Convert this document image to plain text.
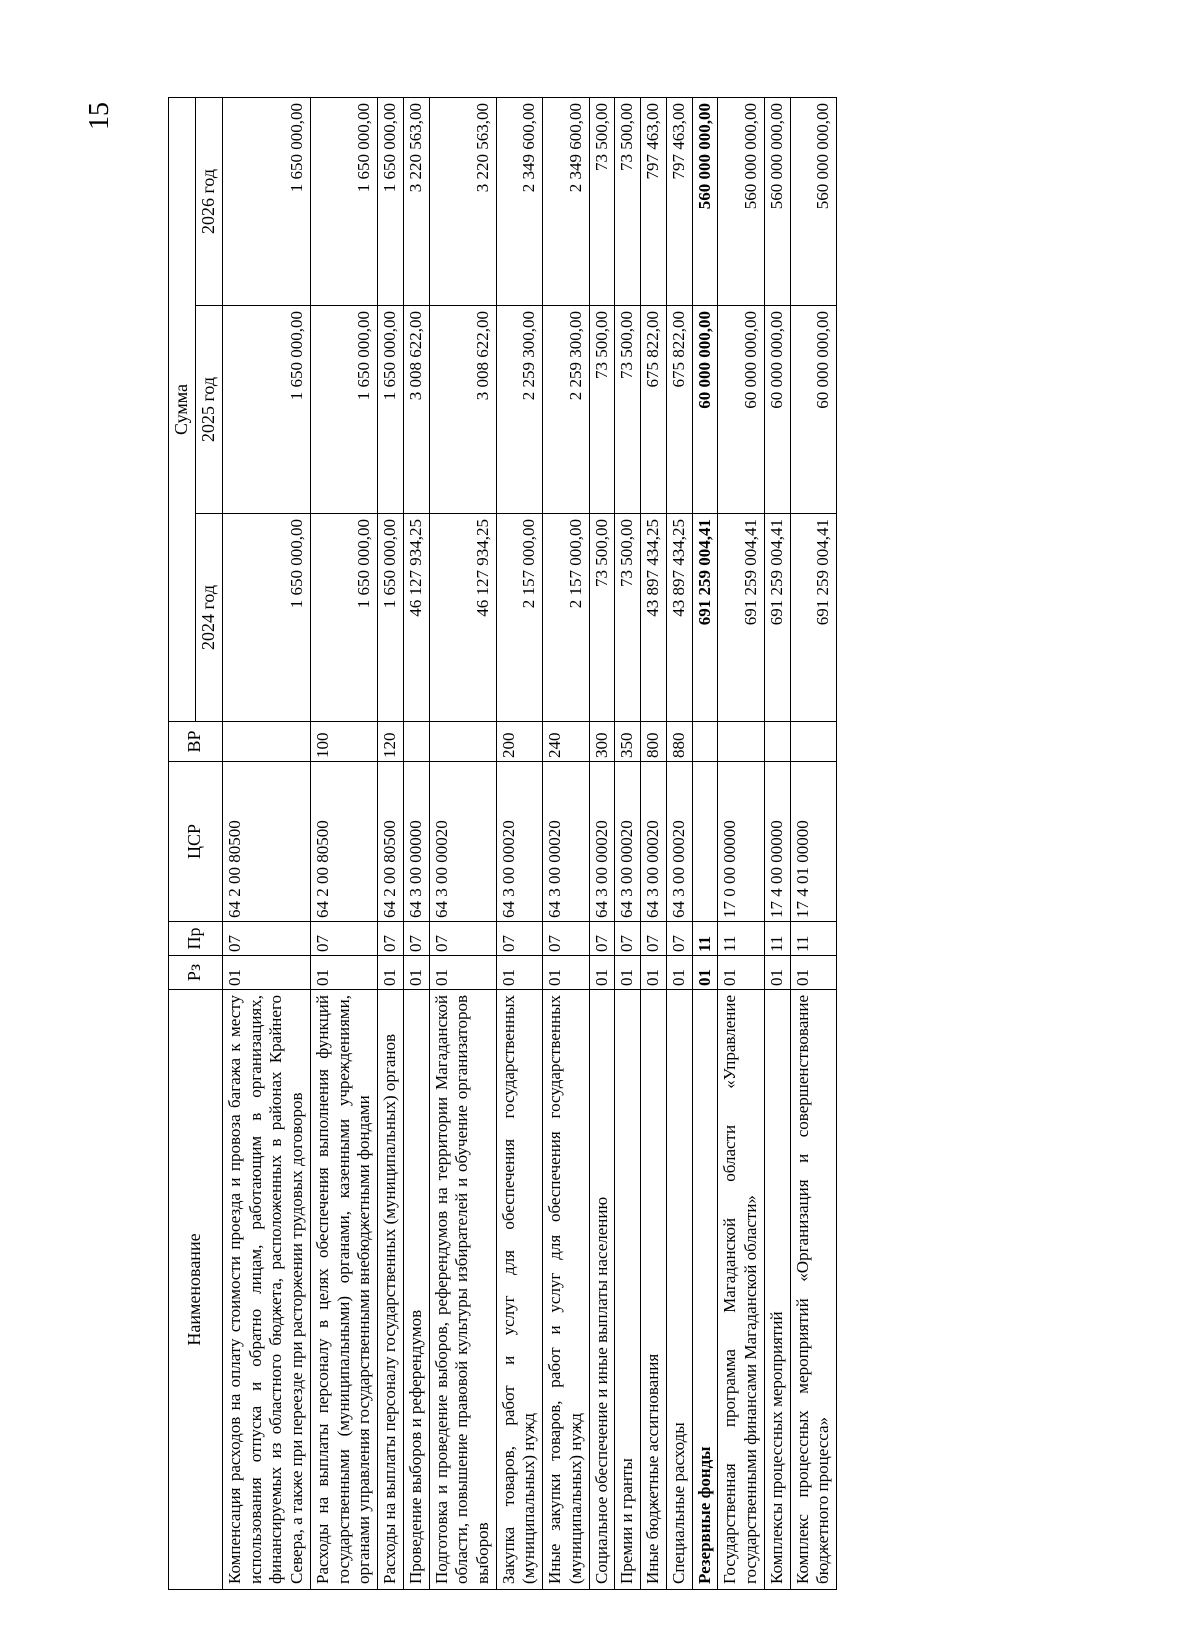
15
Наименование	Рз	Пр	ЦСР	ВР	Сумма		
					2024 год	2025 год	2026 год
Компенсация расходов на оплату стоимости проезда и провоза багажа к месту использования отпуска и обратно лицам, работающим в организациях, финансируемых из областного бюджета, расположенных в районах Крайнего Севера, а также при переезде при расторжении трудовых договоров	01	07	64 2 00 80500		1 650 000,00	1 650 000,00	1 650 000,00
Расходы на выплаты персоналу в целях обеспечения выполнения функций государственными (муниципальными) органами, казенными учреждениями, органами управления государственными внебюджетными фондами	01	07	64 2 00 80500	100	1 650 000,00	1 650 000,00	1 650 000,00
Расходы на выплаты персоналу государственных (муниципальных) органов	01	07	64 2 00 80500	120	1 650 000,00	1 650 000,00	1 650 000,00
Проведение выборов и референдумов	01	07	64 3 00 00000		46 127 934,25	3 008 622,00	3 220 563,00
Подготовка и проведение выборов, референдумов на территории Магаданской области, повышение правовой культуры избирателей и обучение организаторов выборов	01	07	64 3 00 00020		46 127 934,25	3 008 622,00	3 220 563,00
Закупка товаров, работ и услуг для обеспечения государственных (муниципальных) нужд	01	07	64 3 00 00020	200	2 157 000,00	2 259 300,00	2 349 600,00
Иные закупки товаров, работ и услуг для обеспечения государственных (муниципальных) нужд	01	07	64 3 00 00020	240	2 157 000,00	2 259 300,00	2 349 600,00
Социальное обеспечение и иные выплаты населению	01	07	64 3 00 00020	300	73 500,00	73 500,00	73 500,00
Премии и гранты	01	07	64 3 00 00020	350	73 500,00	73 500,00	73 500,00
Иные бюджетные ассигнования	01	07	64 3 00 00020	800	43 897 434,25	675 822,00	797 463,00
Специальные расходы	01	07	64 3 00 00020	880	43 897 434,25	675 822,00	797 463,00
Резервные фонды	01	11			691 259 004,41	60 000 000,00	560 000 000,00
Государственная программа Магаданской области «Управление государственными финансами Магаданской области»	01	11	17 0 00 00000		691 259 004,41	60 000 000,00	560 000 000,00
Комплексы процессных мероприятий	01	11	17 4 00 00000		691 259 004,41	60 000 000,00	560 000 000,00
Комплекс процессных мероприятий «Организация и совершенствование бюджетного процесса»	01	11	17 4 01 00000		691 259 004,41	60 000 000,00	560 000 000,00
